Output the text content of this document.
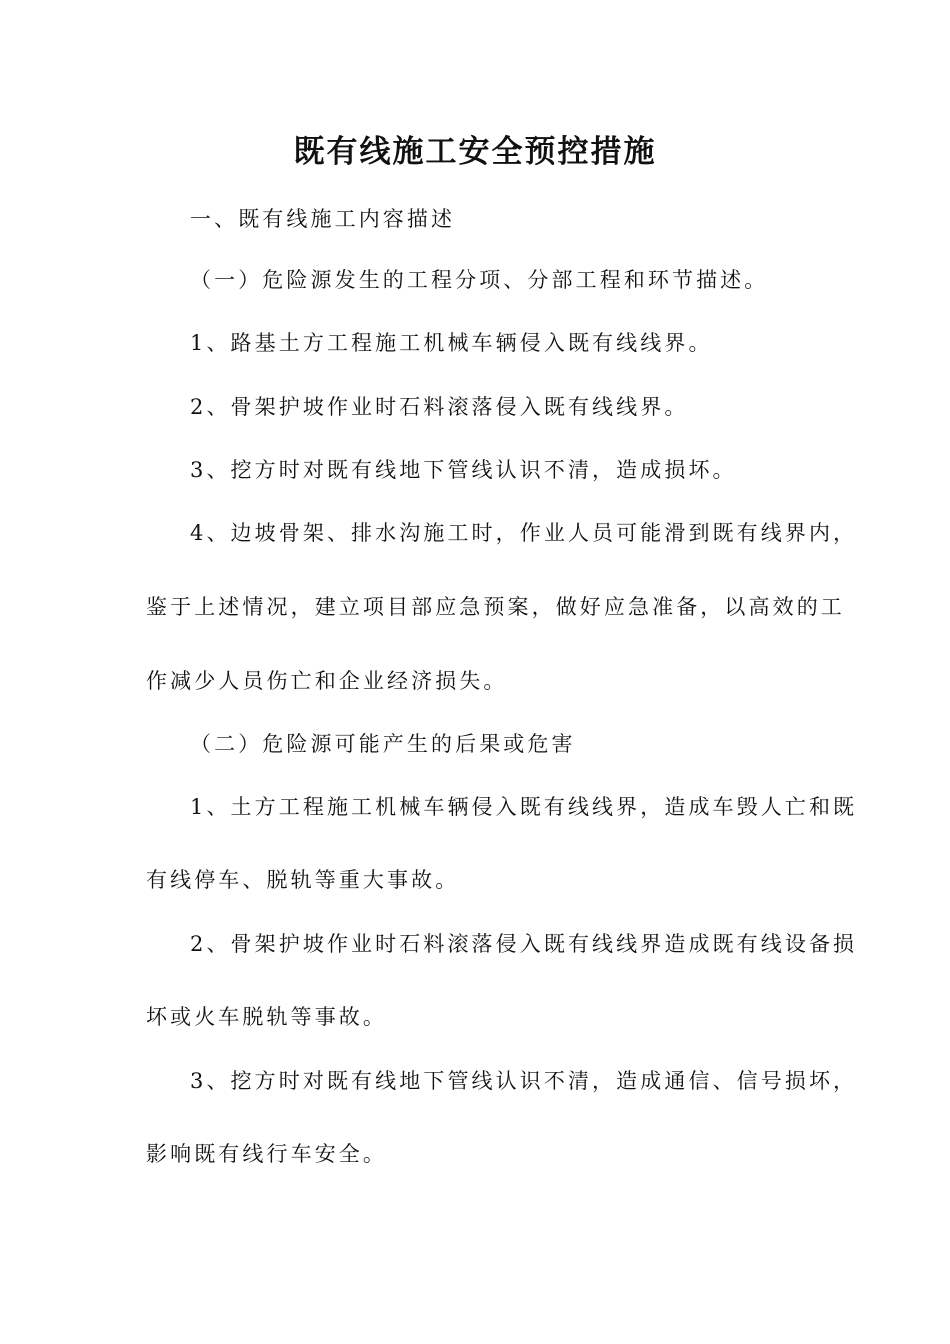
既有线施工安全预控措施
一、既有线施工内容描述
（一）危险源发生的工程分项、分部工程和环节描述。
1、路基土方工程施工机械车辆侵入既有线线界。
2、骨架护坡作业时石料滚落侵入既有线线界。
3、挖方时对既有线地下管线认识不清，造成损坏。
4、边坡骨架、排水沟施工时，作业人员可能滑到既有线界内，
鉴于上述情况，建立项目部应急预案，做好应急准备，以高效的工
作减少人员伤亡和企业经济损失。
（二）危险源可能产生的后果或危害
1、土方工程施工机械车辆侵入既有线线界，造成车毁人亡和既
有线停车、脱轨等重大事故。
2、骨架护坡作业时石料滚落侵入既有线线界造成既有线设备损
坏或火车脱轨等事故。
3、挖方时对既有线地下管线认识不清，造成通信、信号损坏，
影响既有线行车安全。
